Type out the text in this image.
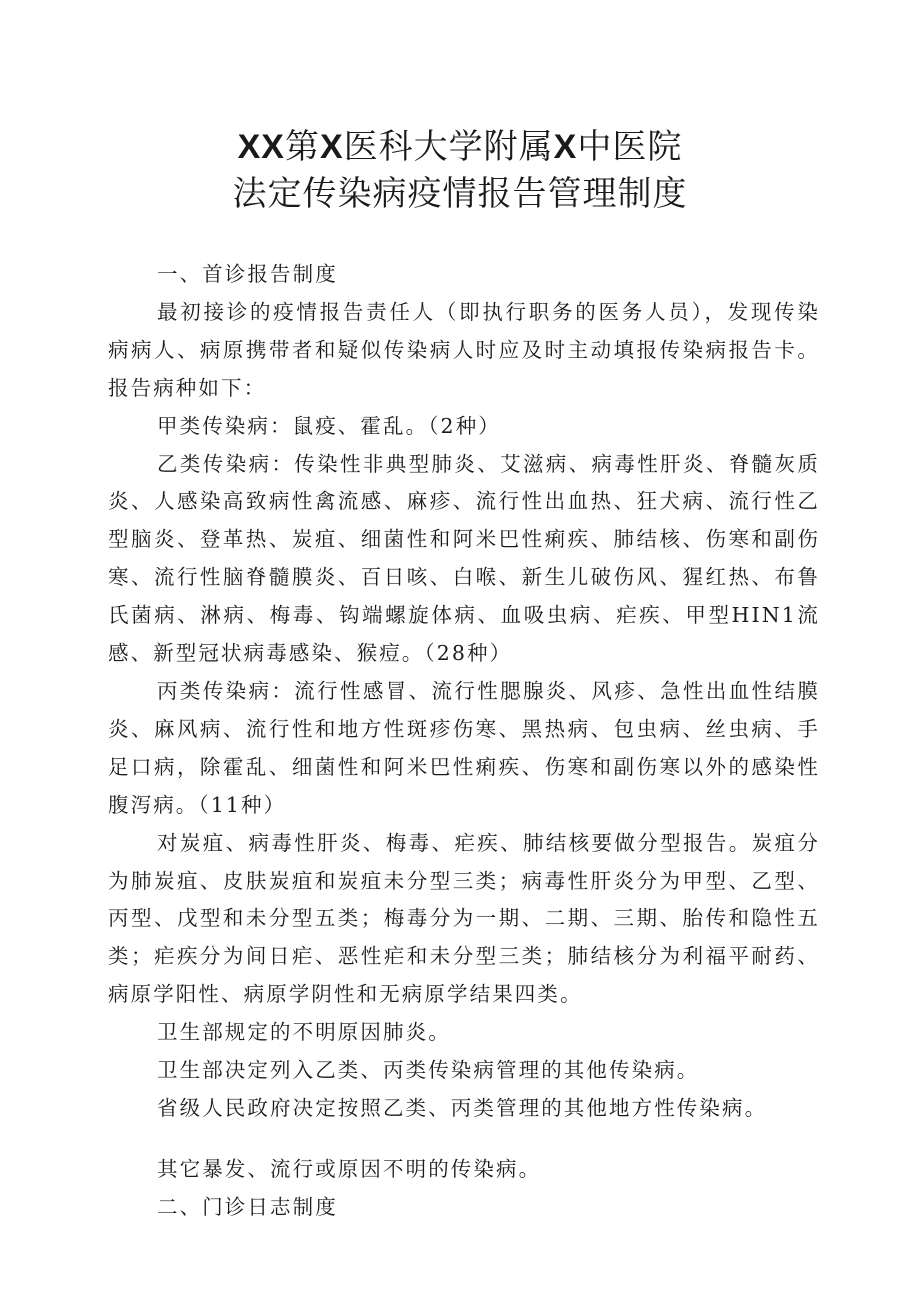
XX第X医科大学附属X中医院
法定传染病疫情报告管理制度

一、首诊报告制度

最初接诊的疫情报告责任人（即执行职务的医务人员），发现传染病病人、病原携带者和疑似传染病人时应及时主动填报传染病报告卡。报告病种如下：

甲类传染病：鼠疫、霍乱。（2种）

乙类传染病：传染性非典型肺炎、艾滋病、病毒性肝炎、脊髓灰质炎、人感染高致病性禽流感、麻疹、流行性出血热、狂犬病、流行性乙型脑炎、登革热、炭疽、细菌性和阿米巴性痢疾、肺结核、伤寒和副伤寒、流行性脑脊髓膜炎、百日咳、白喉、新生儿破伤风、猩红热、布鲁氏菌病、淋病、梅毒、钩端螺旋体病、血吸虫病、疟疾、甲型HIN1流感、新型冠状病毒感染、猴痘。（28种）

丙类传染病：流行性感冒、流行性腮腺炎、风疹、急性出血性结膜炎、麻风病、流行性和地方性斑疹伤寒、黑热病、包虫病、丝虫病、手足口病，除霍乱、细菌性和阿米巴性痢疾、伤寒和副伤寒以外的感染性腹泻病。（11种）

对炭疽、病毒性肝炎、梅毒、疟疾、肺结核要做分型报告。炭疽分为肺炭疽、皮肤炭疽和炭疽未分型三类；病毒性肝炎分为甲型、乙型、丙型、戊型和未分型五类；梅毒分为一期、二期、三期、胎传和隐性五类；疟疾分为间日疟、恶性疟和未分型三类；肺结核分为利福平耐药、病原学阳性、病原学阴性和无病原学结果四类。

卫生部规定的不明原因肺炎。

卫生部决定列入乙类、丙类传染病管理的其他传染病。

省级人民政府决定按照乙类、丙类管理的其他地方性传染病。

其它暴发、流行或原因不明的传染病。

二、门诊日志制度
